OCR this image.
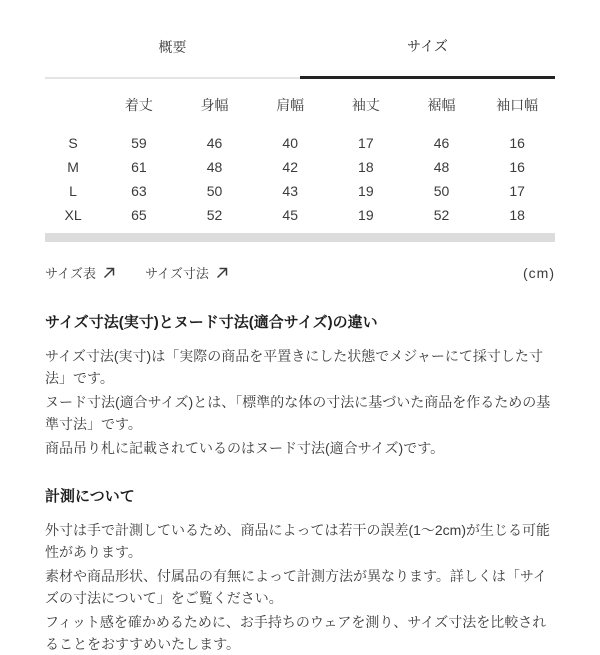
概要	サイズ
	着丈	身幅	肩幅	袖丈	裾幅	袖口幅
S	59	46	40	17	46	16
M	61	48	42	18	48	16
L	63	50	43	19	50	17
XL	65	52	45	19	52	18
サイズ表	サイズ寸法	(cm)
サイズ寸法(実寸)とヌード寸法(適合サイズ)の違い

サイズ寸法(実寸)は「実際の商品を平置きにした状態でメジャーにて採寸した寸法」です。

ヌード寸法(適合サイズ)とは、「標準的な体の寸法に基づいた商品を作るための基準寸法」です。

商品吊り札に記載されているのはヌード寸法(適合サイズ)です。

計測について

外寸は手で計測しているため、商品によっては若干の誤差(1〜2cm)が生じる可能性があります。

素材や商品形状、付属品の有無によって計測方法が異なります。詳しくは「サイズの寸法について」をご覧ください。

フィット感を確かめるために、お手持ちのウェアを測り、サイズ寸法を比較されることをおすすめいたします。
